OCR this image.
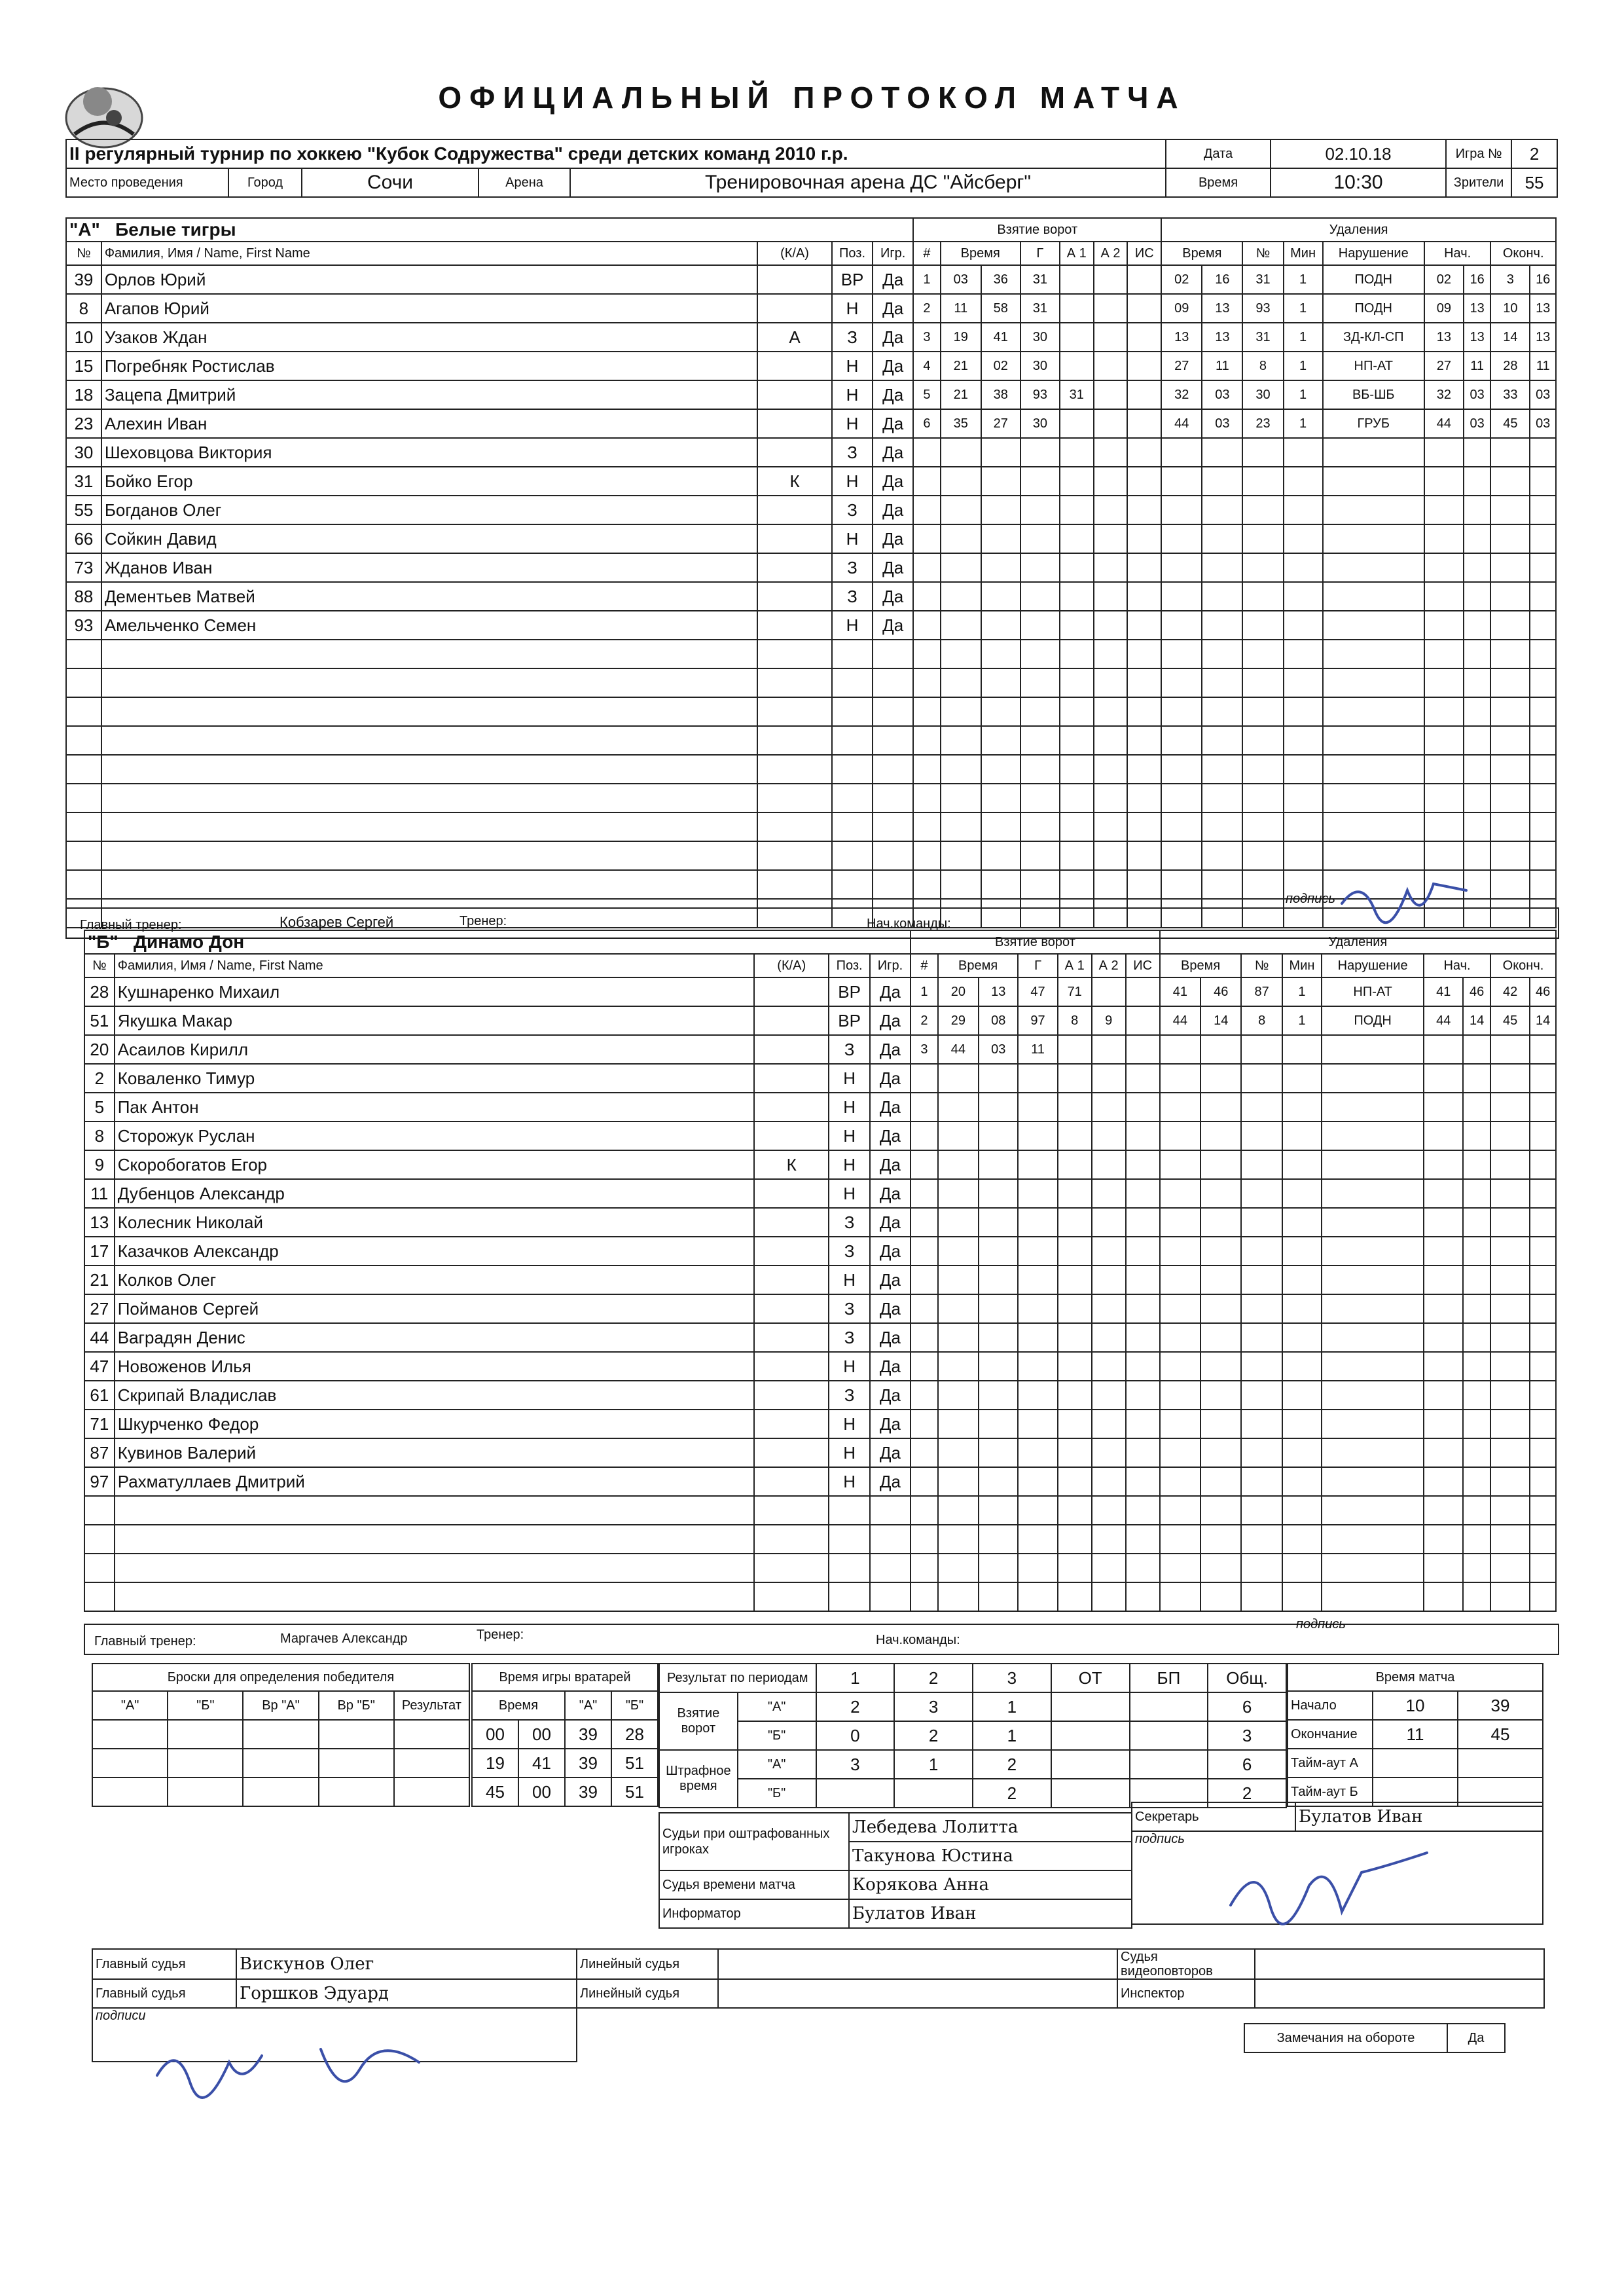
ОФИЦИАЛЬНЫЙ ПРОТОКОЛ МАТЧА
II регулярный турнир по хоккею "Кубок Содружества" среди детских команд 2010 г.р.					Дата	02.10.18	Игра №	2
Место проведения	Город	Сочи	Арена	Тренировочная арена ДС "Айсберг"	Время	10:30	Зрители	55
"А" Белые тигры					Взятие ворот							Удаления								
№	Фамилия, Имя / Name, First Name	(К/А)	Поз.	Игр.	#	Время		Г	А 1	А 2	ИС	Время		№	Мин	Нарушение	Нач.		Оконч.	
39	Орлов Юрий		ВР	Да	1	03	36	31				02	16	31	1	ПОДН	02	16	3	16
8	Агапов Юрий		Н	Да	2	11	58	31				09	13	93	1	ПОДН	09	13	10	13
10	Узаков Ждан	А	З	Да	3	19	41	30				13	13	31	1	ЗД-КЛ-СП	13	13	14	13
15	Погребняк Ростислав		Н	Да	4	21	02	30				27	11	8	1	НП-АТ	27	11	28	11
18	Зацепа Дмитрий		Н	Да	5	21	38	93	31			32	03	30	1	ВБ-ШБ	32	03	33	03
23	Алехин Иван		Н	Да	6	35	27	30				44	03	23	1	ГРУБ	44	03	45	03
30	Шеховцова Виктория		З	Да																
31	Бойко Егор	К	Н	Да																
55	Богданов Олег		З	Да																
66	Сойкин Давид		Н	Да																
73	Жданов Иван		З	Да																
88	Дементьев Матвей		З	Да																
93	Амельченко Семен		Н	Да																

Главный тренер:	Кобзарев Сергей	Тренер:	Нач.команды:
подпись
"Б" Динамо Дон					Взятие ворот							Удаления								
№	Фамилия, Имя / Name, First Name	(К/А)	Поз.	Игр.	#	Время		Г	А 1	А 2	ИС	Время		№	Мин	Нарушение	Нач.		Оконч.	
28	Кушнаренко Михаил		ВР	Да	1	20	13	47	71			41	46	87	1	НП-АТ	41	46	42	46
51	Якушка Макар		ВР	Да	2	29	08	97	8	9		44	14	8	1	ПОДН	44	14	45	14
20	Асаилов Кирилл		З	Да	3	44	03	11												
2	Коваленко Тимур		Н	Да																
5	Пак Антон		Н	Да																
8	Сторожук Руслан		Н	Да																
9	Скоробогатов Егор	К	Н	Да																
11	Дубенцов Александр		Н	Да																
13	Колесник Николай		З	Да																
17	Казачков Александр		З	Да																
21	Колков Олег		Н	Да																
27	Пойманов Сергей		З	Да																
44	Ваградян Денис		З	Да																
47	Новоженов Илья		Н	Да																
61	Скрипай Владислав		З	Да																
71	Шкурченко Федор		Н	Да																
87	Кувинов Валерий		Н	Да																
97	Рахматуллаев Дмитрий		Н	Да																

Главный тренер:	Маргачев Александр	Тренер:	Нач.команды:
подпись
Броски для определения победителя				
"А"	"Б"	Вр "А"	Вр "Б"	Результат

Время игры вратарей			
Время		"А"	"Б"
00	00	39	28
19	41	39	51
45	00	39	51
Результат по периодам		1	2	3	ОТ	БП	Общ.
Взятие ворот	"А"	2	3	1			6
	"Б"	0	2	1			3
Штрафное время	"А"	3	1	2			6
	"Б"			2			2
Время матча		
Начало	10	39
Окончание	11	45
Тайм-аут А		
Тайм-аут Б		
Судьи при оштрафованных игроках	Лебедева Лолитта
	Такунова Юстина
Судья времени матча	Корякова Анна
Информатор	Булатов Иван
Секретарь	Булатов Иван
подпись
Главный судья	Вискунов Олег	Линейный судья		Судья видеоповторов	
Главный судья	Горшков Эдуард	Линейный судья		Инспектор	
подписи					
Замечания на обороте	Да
